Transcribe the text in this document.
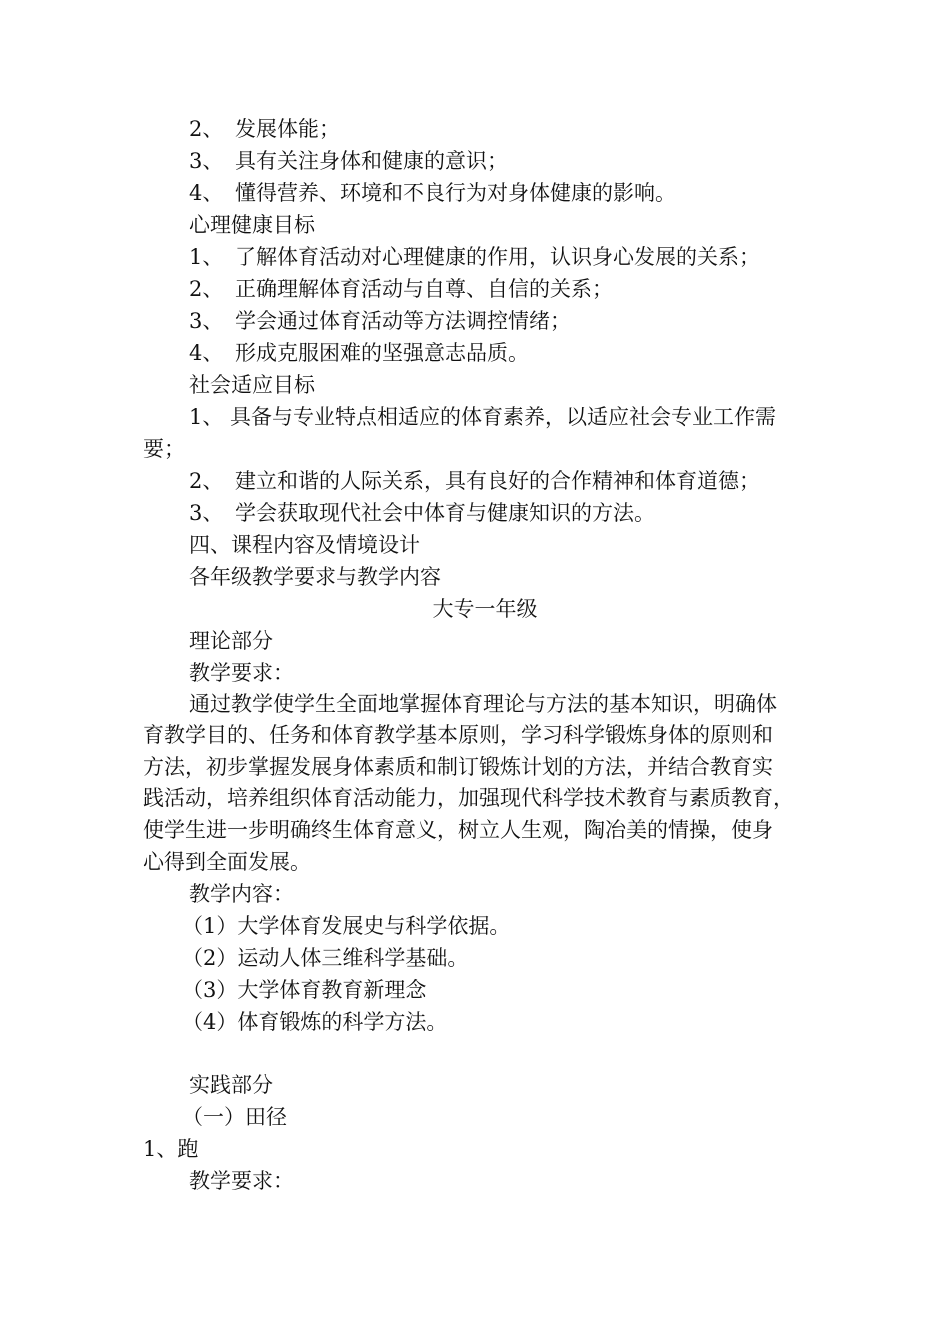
2、 发展体能；
3、 具有关注身体和健康的意识；
4、 懂得营养、环境和不良行为对身体健康的影响。
心理健康目标
1、 了解体育活动对心理健康的作用，认识身心发展的关系；
2、 正确理解体育活动与自尊、自信的关系；
3、 学会通过体育活动等方法调控情绪；
4、 形成克服困难的坚强意志品质。
社会适应目标
1、 具备与专业特点相适应的体育素养，以适应社会专业工作需
要；
2、 建立和谐的人际关系，具有良好的合作精神和体育道德；
3、 学会获取现代社会中体育与健康知识的方法。
四、课程内容及情境设计
各年级教学要求与教学内容
大专一年级
理论部分
教学要求：
通过教学使学生全面地掌握体育理论与方法的基本知识，明确体
育教学目的、任务和体育教学基本原则，学习科学锻炼身体的原则和
方法，初步掌握发展身体素质和制订锻炼计划的方法，并结合教育实
践活动，培养组织体育活动能力，加强现代科学技术教育与素质教育，
使学生进一步明确终生体育意义，树立人生观，陶冶美的情操，使身
心得到全面发展。
教学内容：
（1）大学体育发展史与科学依据。
（2）运动人体三维科学基础。
（3）大学体育教育新理念
（4）体育锻炼的科学方法。
实践部分
（一）田径
1、跑
教学要求：
